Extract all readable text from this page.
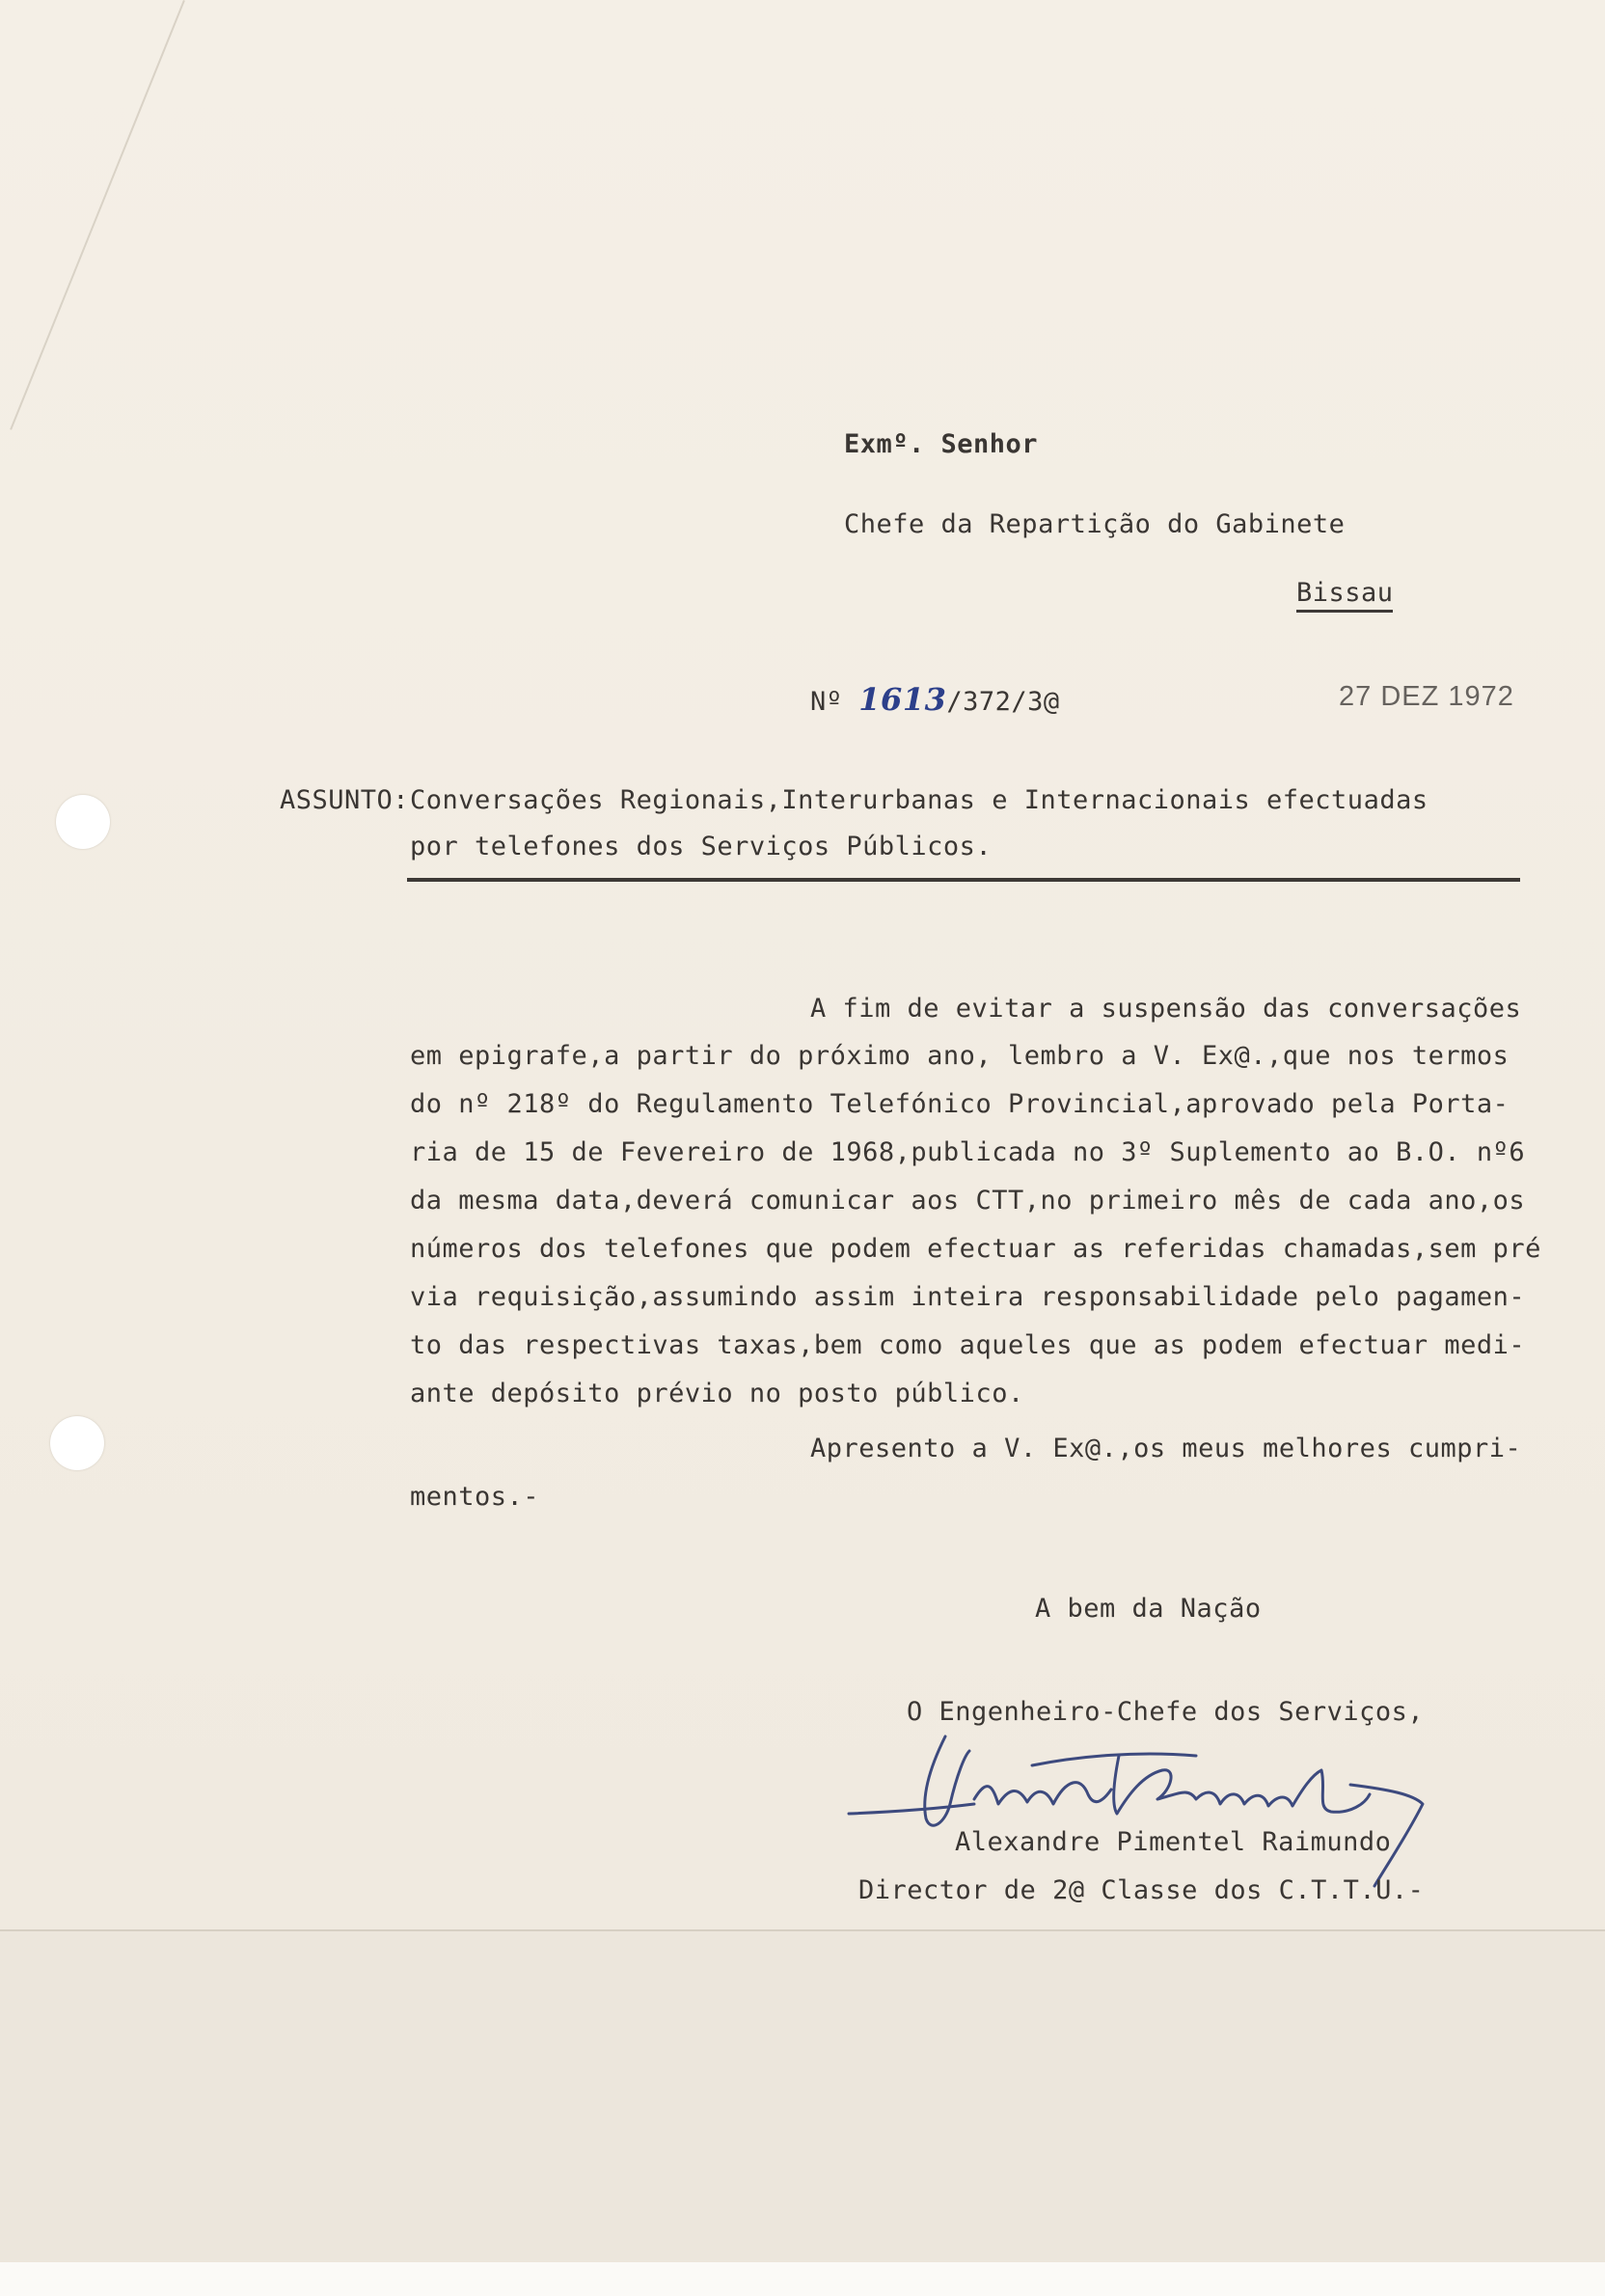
Exmº. Senhor
Chefe da Repartição do Gabinete
Bissau
Nº 1613/372/3@	27 DEZ 1972
ASSUNTO: Conversações Regionais,Interurbanas e Internacionais efectuadas
por telefones dos Serviços Públicos.
A fim de evitar a suspensão das conversações
em epigrafe,a partir do próximo ano, lembro a V. Ex@.,que nos termos
do nº 218º do Regulamento Telefónico Provincial,aprovado pela Porta-
ria de 15 de Fevereiro de 1968,publicada no 3º Suplemento ao B.O. nº6
da mesma data,deverá comunicar aos CTT,no primeiro mês de cada ano,os
números dos telefones que podem efectuar as referidas chamadas,sem pré
via requisição,assumindo assim inteira responsabilidade pelo pagamen-
to das respectivas taxas,bem como aqueles que as podem efectuar medi-
ante depósito prévio no posto público.
Apresento a V. Ex@.,os meus melhores cumpri-
mentos.-
A bem da Nação
O Engenheiro-Chefe dos Serviços,
Alexandre Pimentel Raimundo
Director de 2@ Classe dos C.T.T.U.-
